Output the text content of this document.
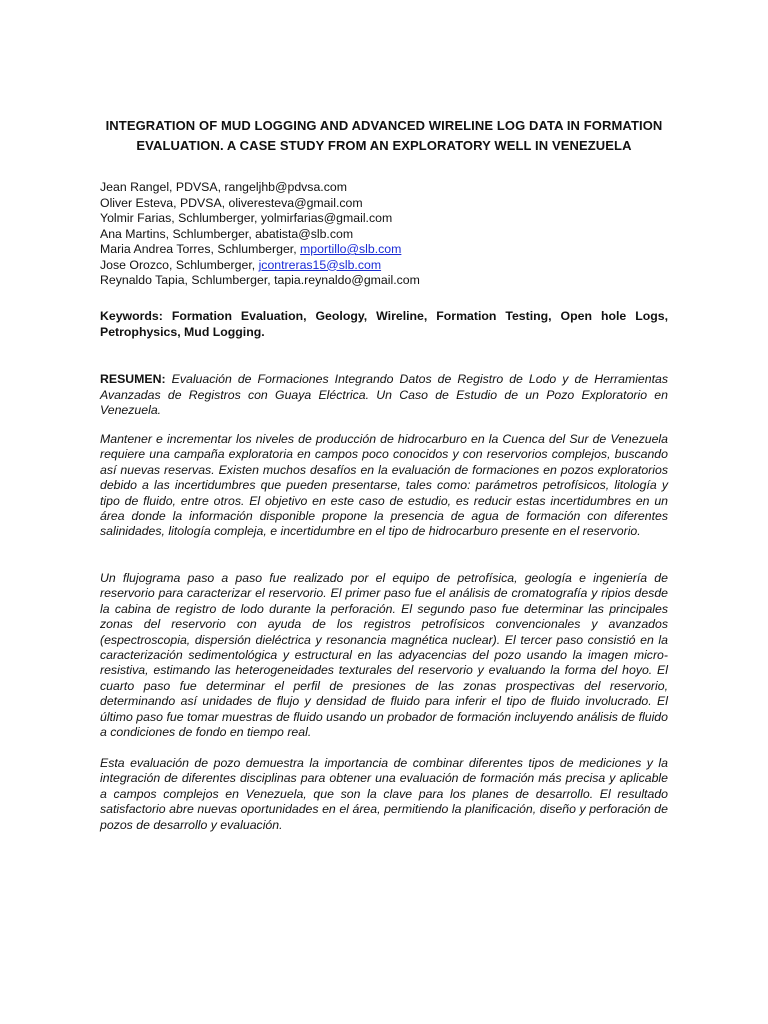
INTEGRATION OF MUD LOGGING AND ADVANCED WIRELINE LOG DATA IN FORMATION EVALUATION. A CASE STUDY FROM AN EXPLORATORY WELL IN VENEZUELA
Jean Rangel, PDVSA, rangeljhb@pdvsa.com
Oliver Esteva, PDVSA, oliveresteva@gmail.com
Yolmir Farias, Schlumberger, yolmirfarias@gmail.com
Ana Martins, Schlumberger, abatista@slb.com
Maria Andrea Torres, Schlumberger, mportillo@slb.com
Jose Orozco, Schlumberger, jcontreras15@slb.com
Reynaldo Tapia, Schlumberger, tapia.reynaldo@gmail.com
Keywords: Formation Evaluation, Geology, Wireline, Formation Testing, Open hole Logs, Petrophysics, Mud Logging.
RESUMEN: Evaluación de Formaciones Integrando Datos de Registro de Lodo y de Herramientas Avanzadas de Registros con Guaya Eléctrica. Un Caso de Estudio de un Pozo Exploratorio en Venezuela.
Mantener e incrementar los niveles de producción de hidrocarburo en la Cuenca del Sur de Venezuela requiere una campaña exploratoria en campos poco conocidos y con reservorios complejos, buscando así nuevas reservas. Existen muchos desafíos en la evaluación de formaciones en pozos exploratorios debido a las incertidumbres que pueden presentarse, tales como: parámetros petrofísicos, litología y tipo de fluido, entre otros. El objetivo en este caso de estudio, es reducir estas incertidumbres en un área donde la información disponible propone la presencia de agua de formación con diferentes salinidades, litología compleja, e incertidumbre en el tipo de hidrocarburo presente en el reservorio.
Un flujograma paso a paso fue realizado por el equipo de petrofísica, geología e ingeniería de reservorio para caracterizar el reservorio. El primer paso fue el análisis de cromatografía y ripios desde la cabina de registro de lodo durante la perforación. El segundo paso fue determinar las principales zonas del reservorio con ayuda de los registros petrofísicos convencionales y avanzados (espectroscopia, dispersión dieléctrica y resonancia magnética nuclear). El tercer paso consistió en la caracterización sedimentológica y estructural en las adyacencias del pozo usando la imagen micro-resistiva, estimando las heterogeneidades texturales del reservorio y evaluando la forma del hoyo. El cuarto paso fue determinar el perfil de presiones de las zonas prospectivas del reservorio, determinando así unidades de flujo y densidad de fluido para inferir el tipo de fluido involucrado. El último paso fue tomar muestras de fluido usando un probador de formación incluyendo análisis de fluido a condiciones de fondo en tiempo real.
Esta evaluación de pozo demuestra la importancia de combinar diferentes tipos de mediciones y la integración de diferentes disciplinas para obtener una evaluación de formación más precisa y aplicable a campos complejos en Venezuela, que son la clave para los planes de desarrollo. El resultado satisfactorio abre nuevas oportunidades en el área, permitiendo la planificación, diseño y perforación de pozos de desarrollo y evaluación.
